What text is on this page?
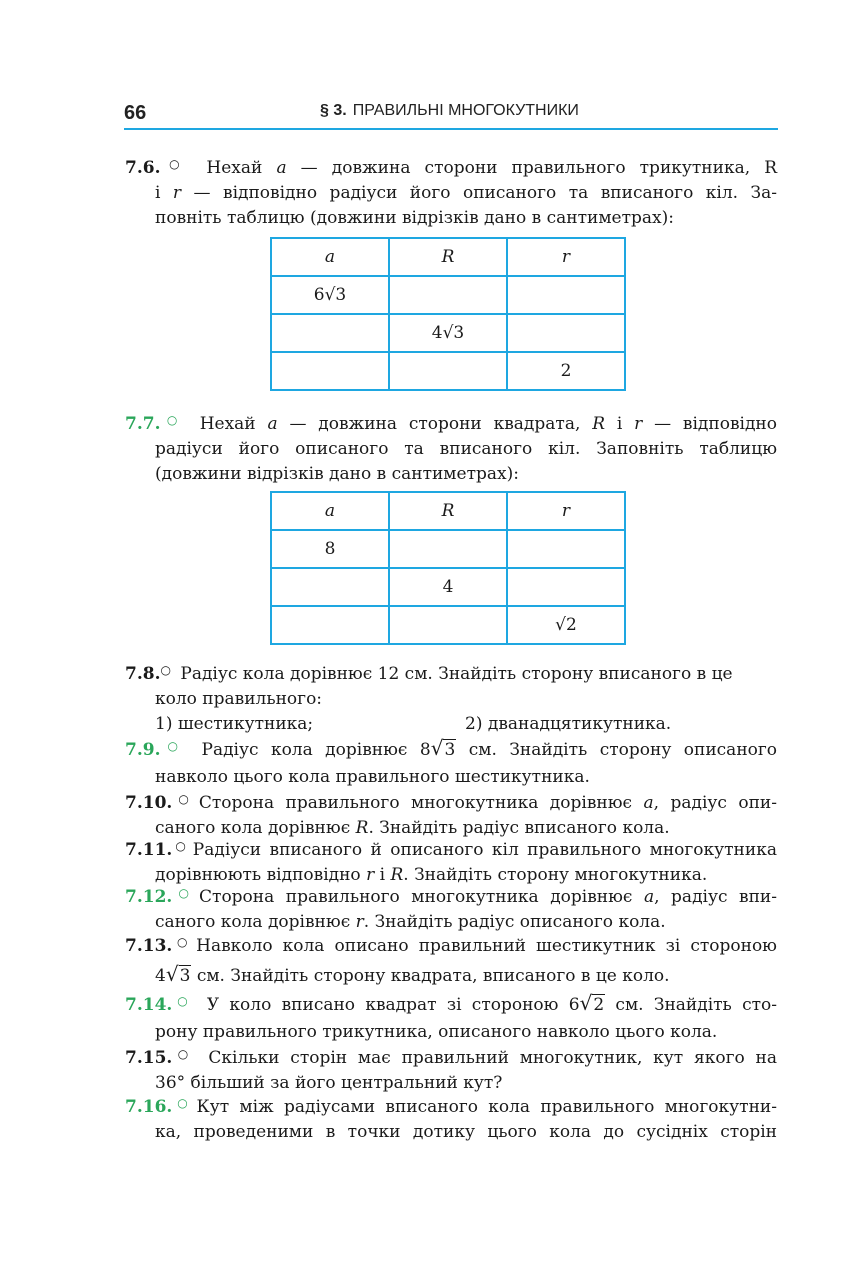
66	§ 3. ПРАВИЛЬНІ МНОГОКУТНИКИ
7.6.○ Нехай a — довжина сторони правильного трикутника, R
і r — відповідно радіуси його описаного та вписаного кіл. За-
повніть таблицю (довжини відрізків дано в сантиметрах):
a	R	r
6√3		
	4√3	
		2
7.7.○ Нехай a — довжина сторони квадрата, R і r — відповідно
радіуси його описаного та вписаного кіл. Заповніть таблицю
(довжини відрізків дано в сантиметрах):
a	R	r
8		
	4	
		√2
7.8.○ Радіус кола дорівнює 12 см. Знайдіть сторону вписаного в це
коло правильного:
1) шестикутника;	2) дванадцятикутника.
7.9.○ Радіус кола дорівнює 8√3 см. Знайдіть сторону описаного
навколо цього кола правильного шестикутника.
7.10.○ Сторона правильного многокутника дорівнює a, радіус опи-
саного кола дорівнює R. Знайдіть радіус вписаного кола.
7.11.○ Радіуси вписаного й описаного кіл правильного многокутника
дорівнюють відповідно r і R. Знайдіть сторону многокутника.
7.12.○ Сторона правильного многокутника дорівнює a, радіус впи-
саного кола дорівнює r. Знайдіть радіус описаного кола.
7.13.○ Навколо кола описано правильний шестикутник зі стороною
4√3 см. Знайдіть сторону квадрата, вписаного в це коло.
7.14.○ У коло вписано квадрат зі стороною 6√2 см. Знайдіть сто-
рону правильного трикутника, описаного навколо цього кола.
7.15.○ Скільки сторін має правильний многокутник, кут якого на
36° більший за його центральний кут?
7.16.○ Кут між радіусами вписаного кола правильного многокутни-
ка, проведеними в точки дотику цього кола до сусідніх сторін
